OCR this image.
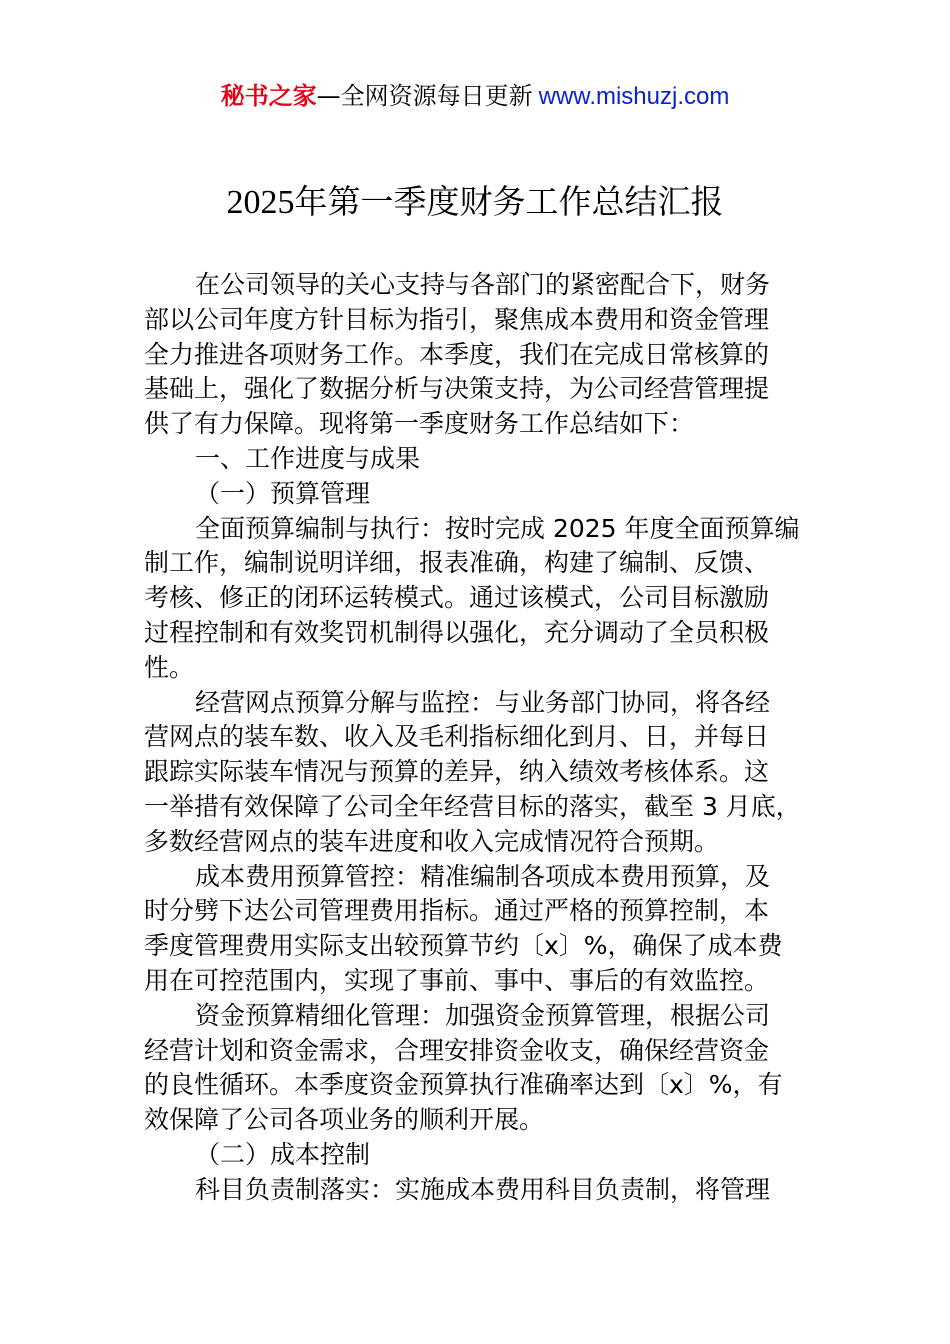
秘书之家—全网资源每日更新 www.mishuzj.com
2025年第一季度财务工作总结汇报
在公司领导的关心支持与各部门的紧密配合下，财务
部以公司年度方针目标为指引，聚焦成本费用和资金管理
全力推进各项财务工作。本季度，我们在完成日常核算的
基础上，强化了数据分析与决策支持，为公司经营管理提
供了有力保障。现将第一季度财务工作总结如下：
一、工作进度与成果
（一）预算管理
全面预算编制与执行：按时完成 2025 年度全面预算编
制工作，编制说明详细，报表准确，构建了编制、反馈、
考核、修正的闭环运转模式。通过该模式，公司目标激励
过程控制和有效奖罚机制得以强化，充分调动了全员积极
性。
经营网点预算分解与监控：与业务部门协同，将各经
营网点的装车数、收入及毛利指标细化到月、日，并每日
跟踪实际装车情况与预算的差异，纳入绩效考核体系。这
一举措有效保障了公司全年经营目标的落实，截至 3 月底，
多数经营网点的装车进度和收入完成情况符合预期。
成本费用预算管控：精准编制各项成本费用预算，及
时分劈下达公司管理费用指标。通过严格的预算控制，本
季度管理费用实际支出较预算节约〔x〕%，确保了成本费
用在可控范围内，实现了事前、事中、事后的有效监控。
资金预算精细化管理：加强资金预算管理，根据公司
经营计划和资金需求，合理安排资金收支，确保经营资金
的良性循环。本季度资金预算执行准确率达到〔x〕%，有
效保障了公司各项业务的顺利开展。
（二）成本控制
科目负责制落实：实施成本费用科目负责制，将管理
